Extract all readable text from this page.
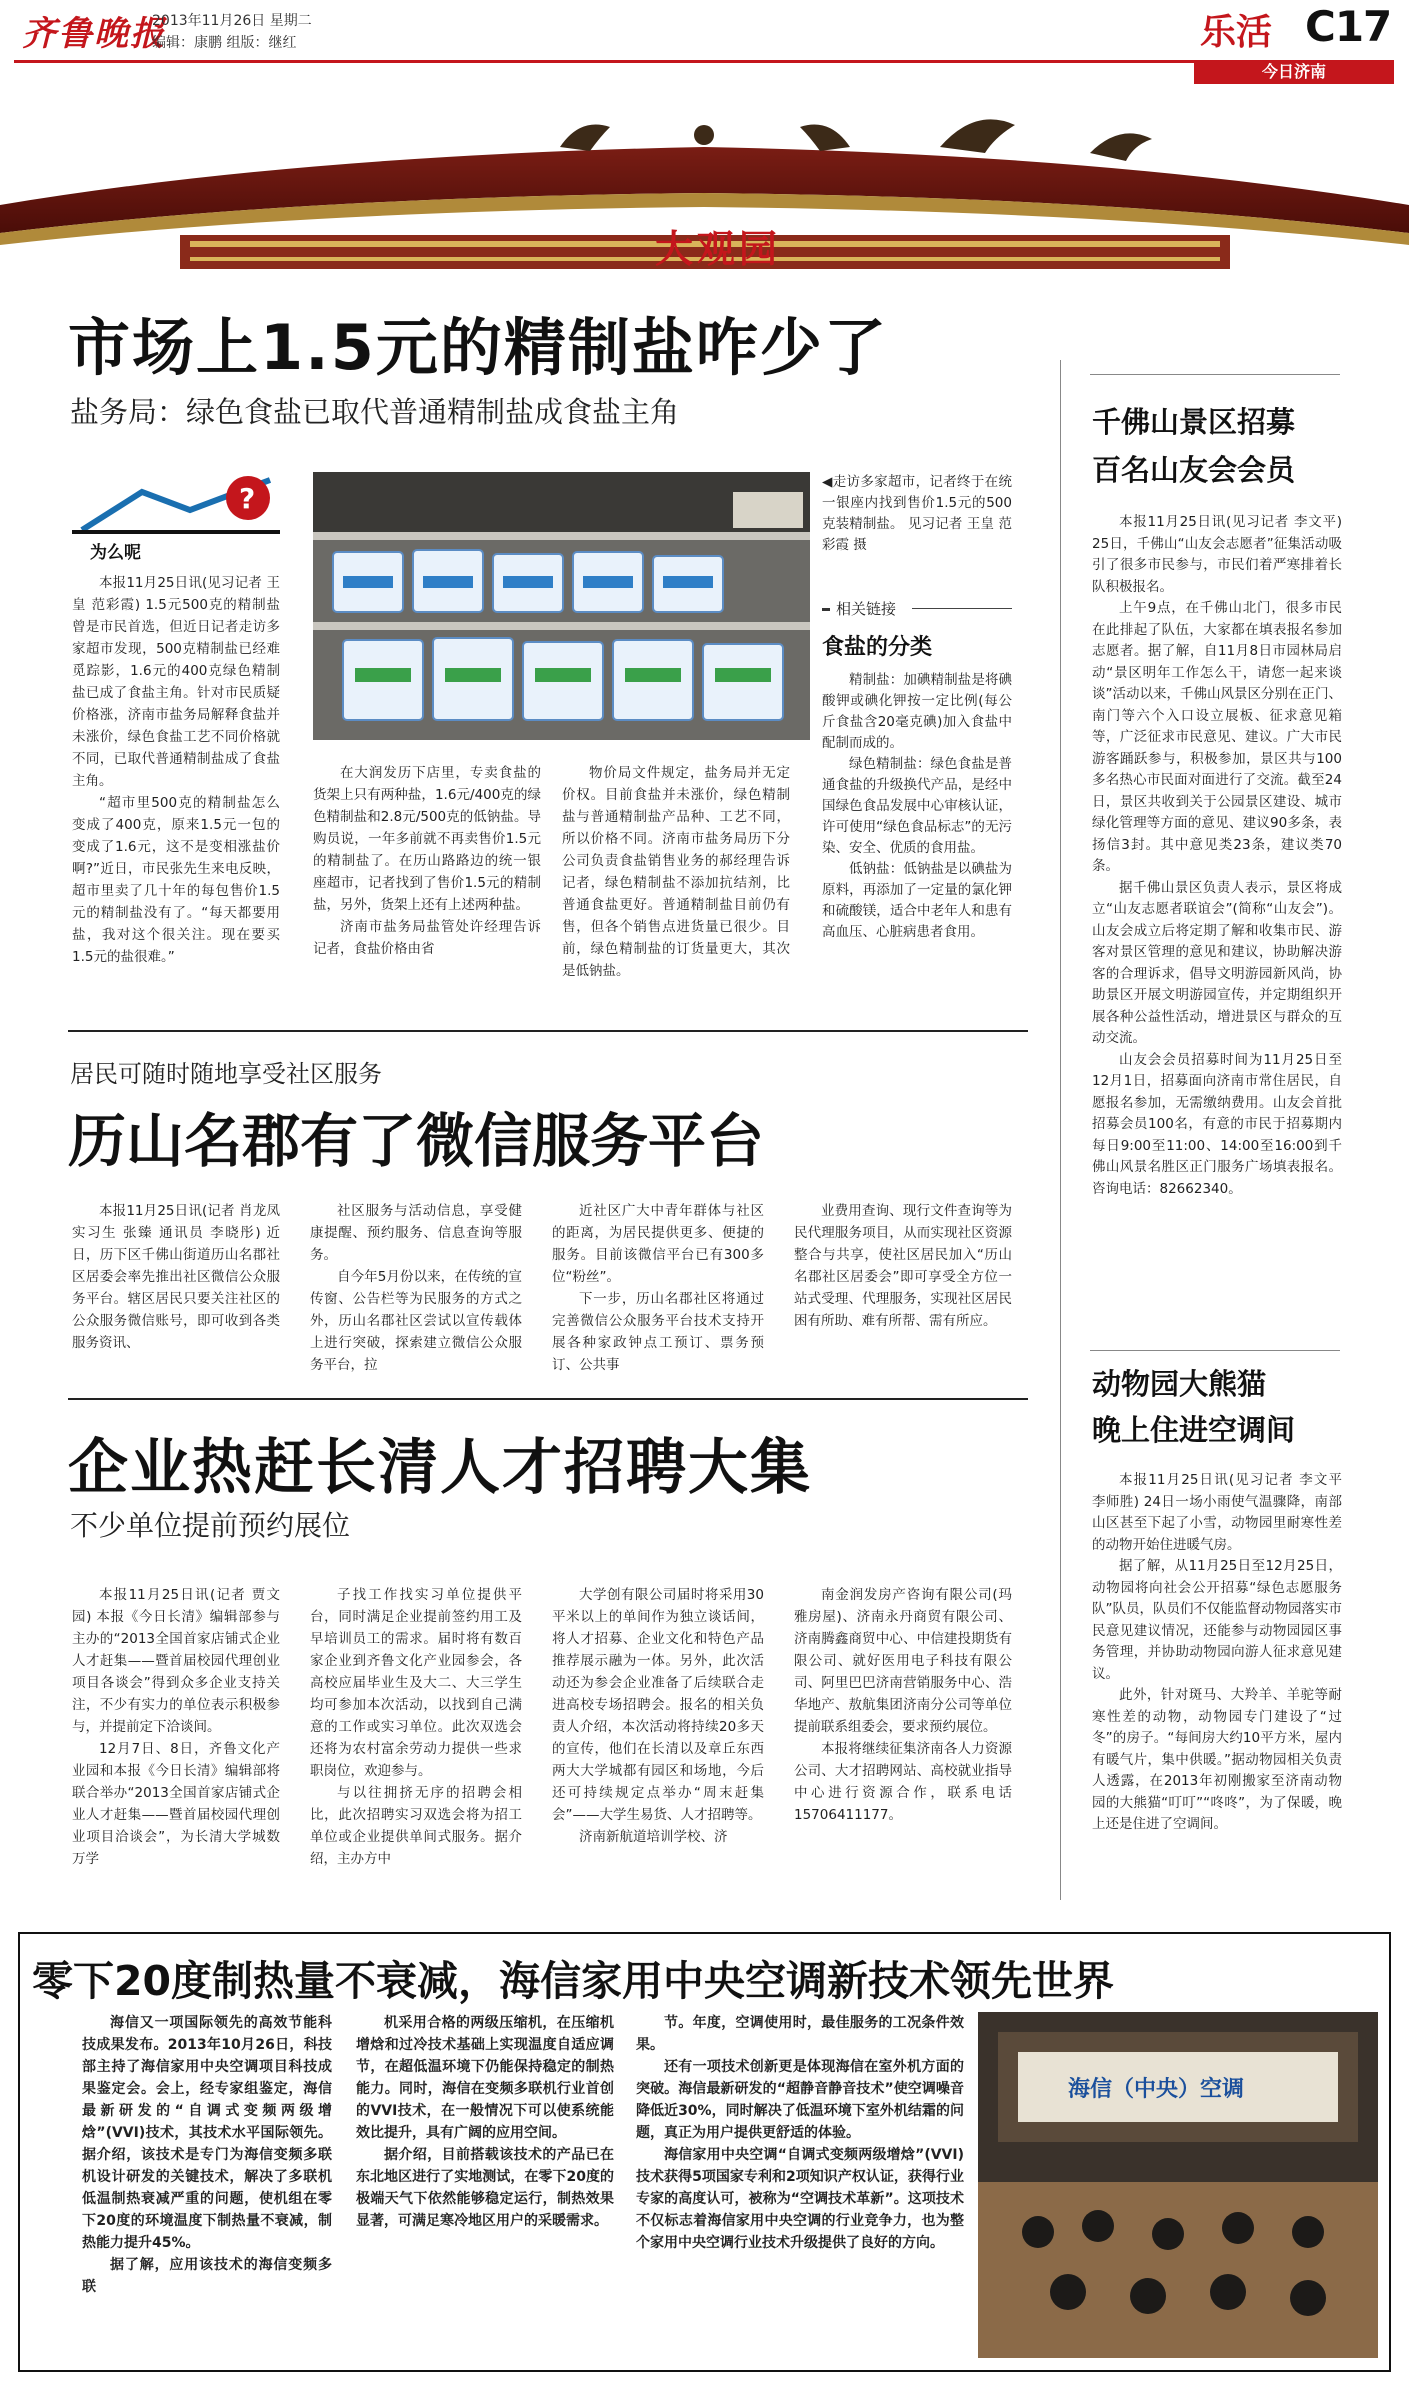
齐鲁晚报
2013年11月26日 星期二
编辑：康鹏 组版：继红	乐活 C17
今日济南
大观园
市场上1.5元的精制盐咋少了
盐务局：绿色食盐已取代普通精制盐成食盐主角
?
为么呢

本报11月25日讯(见习记者 王皇 范彩霞) 1.5元500克的精制盐曾是市民首选，但近日记者走访多家超市发现，500克精制盐已经难觅踪影，1.6元的400克绿色精制盐已成了食盐主角。针对市民质疑价格涨，济南市盐务局解释食盐并未涨价，绿色食盐工艺不同价格就不同，已取代普通精制盐成了食盐主角。

“超市里500克的精制盐怎么变成了400克，原来1.5元一包的变成了1.6元，这不是变相涨盐价啊?”近日，市民张先生来电反映，超市里卖了几十年的每包售价1.5元的精制盐没有了。“每天都要用盐，我对这个很关注。现在要买1.5元的盐很难。”

◀走访多家超市，记者终于在统一银座内找到售价1.5元的500克装精制盐。 见习记者 王皇 范彩霞 摄

在大润发历下店里，专卖食盐的货架上只有两种盐，1.6元/400克的绿色精制盐和2.8元/500克的低钠盐。导购员说，一年多前就不再卖售价1.5元的精制盐了。在历山路路边的统一银座超市，记者找到了售价1.5元的精制盐，另外，货架上还有上述两种盐。

济南市盐务局盐管处许经理告诉记者，食盐价格由省

物价局文件规定，盐务局并无定价权。目前食盐并未涨价，绿色精制盐与普通精制盐产品种、工艺不同，所以价格不同。济南市盐务局历下分公司负责食盐销售业务的郝经理告诉记者，绿色精制盐不添加抗结剂，比普通食盐更好。普通精制盐目前仍有售，但各个销售点进货量已很少。目前，绿色精制盐的订货量更大，其次是低钠盐。

相关链接
食盐的分类

精制盐：加碘精制盐是将碘酸钾或碘化钾按一定比例(每公斤食盐含20毫克碘)加入食盐中配制而成的。

绿色精制盐：绿色食盐是普通食盐的升级换代产品，是经中国绿色食品发展中心审核认证，许可使用“绿色食品标志”的无污染、安全、优质的食用盐。

低钠盐：低钠盐是以碘盐为原料，再添加了一定量的氯化钾和硫酸镁，适合中老年人和患有高血压、心脏病患者食用。

居民可随时随地享受社区服务
历山名郡有了微信服务平台

本报11月25日讯(记者 肖龙凤 实习生 张臻 通讯员 李晓彤) 近日，历下区千佛山街道历山名郡社区居委会率先推出社区微信公众服务平台。辖区居民只要关注社区的公众服务微信账号，即可收到各类服务资讯、

社区服务与活动信息，享受健康提醒、预约服务、信息查询等服务。

自今年5月份以来，在传统的宣传窗、公告栏等为民服务的方式之外，历山名郡社区尝试以宣传载体上进行突破，探索建立微信公众服务平台，拉

近社区广大中青年群体与社区的距离，为居民提供更多、便捷的服务。目前该微信平台已有300多位“粉丝”。

下一步，历山名郡社区将通过完善微信公众服务平台技术支持开展各种家政钟点工预订、票务预订、公共事

业费用查询、现行文件查询等为民代理服务项目，从而实现社区资源整合与共享，使社区居民加入“历山名郡社区居委会”即可享受全方位一站式受理、代理服务，实现社区居民困有所助、难有所帮、需有所应。

企业热赶长清人才招聘大集
不少单位提前预约展位

本报11月25日讯(记者 贾文园) 本报《今日长清》编辑部参与主办的“2013全国首家店铺式企业人才赶集——暨首届校园代理创业项目各谈会”得到众多企业支持关注，不少有实力的单位表示积极参与，并提前定下洽谈间。

12月7日、8日，齐鲁文化产业园和本报《今日长清》编辑部将联合举办“2013全国首家店铺式企业人才赶集——暨首届校园代理创业项目洽谈会”，为长清大学城数万学

子找工作找实习单位提供平台，同时满足企业提前签约用工及早培训员工的需求。届时将有数百家企业到齐鲁文化产业园参会，各高校应届毕业生及大二、大三学生均可参加本次活动，以找到自己满意的工作或实习单位。此次双选会还将为农村富余劳动力提供一些求职岗位，欢迎参与。

与以往拥挤无序的招聘会相比，此次招聘实习双选会将为招工单位或企业提供单间式服务。据介绍，主办方中

大学创有限公司届时将采用30平米以上的单间作为独立谈话间，将人才招募、企业文化和特色产品推荐展示融为一体。另外，此次活动还为参会企业准备了后续联合走进高校专场招聘会。报名的相关负责人介绍，本次活动将持续20多天的宣传，他们在长清以及章丘东西两大大学城都有园区和场地，今后还可持续规定点举办“周末赶集会”——大学生易货、人才招聘等。

济南新航道培训学校、济

南金润发房产咨询有限公司(玛雅房屋)、济南永丹商贸有限公司、济南腾鑫商贸中心、中信建投期货有限公司、就好医用电子科技有限公司、阿里巴巴济南营销服务中心、浩华地产、敖航集团济南分公司等单位提前联系组委会，要求预约展位。

本报将继续征集济南各人力资源公司、大才招聘网站、高校就业指导中心进行资源合作，联系电话15706411177。

千佛山景区招募
百名山友会会员

本报11月25日讯(见习记者 李文平) 25日，千佛山“山友会志愿者”征集活动吸引了很多市民参与，市民们着严寒排着长队积极报名。

上午9点，在千佛山北门，很多市民在此排起了队伍，大家都在填表报名参加志愿者。据了解，自11月8日市园林局启动“景区明年工作怎么干，请您一起来谈谈”活动以来，千佛山风景区分别在正门、南门等六个入口设立展板、征求意见箱等，广泛征求市民意见、建议。广大市民游客踊跃参与，积极参加，景区共与100多名热心市民面对面进行了交流。截至24日，景区共收到关于公园景区建设、城市绿化管理等方面的意见、建议90多条，表扬信3封。其中意见类23条，建议类70条。

据千佛山景区负责人表示，景区将成立“山友志愿者联谊会”(简称“山友会”)。山友会成立后将定期了解和收集市民、游客对景区管理的意见和建议，协助解决游客的合理诉求，倡导文明游园新风尚，协助景区开展文明游园宣传，并定期组织开展各种公益性活动，增进景区与群众的互动交流。

山友会会员招募时间为11月25日至12月1日，招募面向济南市常住居民，自愿报名参加，无需缴纳费用。山友会首批招募会员100名，有意的市民于招募期内每日9:00至11:00、14:00至16:00到千佛山风景名胜区正门服务广场填表报名。咨询电话：82662340。

动物园大熊猫
晚上住进空调间

本报11月25日讯(见习记者 李文平 李师胜) 24日一场小雨使气温骤降，南部山区甚至下起了小雪，动物园里耐寒性差的动物开始住进暖气房。

据了解，从11月25日至12月25日，动物园将向社会公开招募“绿色志愿服务队”队员，队员们不仅能监督动物园落实市民意见建议情况，还能参与动物园园区事务管理，并协助动物园向游人征求意见建议。

此外，针对斑马、大羚羊、羊驼等耐寒性差的动物，动物园专门建设了“过冬”的房子。“每间房大约10平方米，屋内有暖气片，集中供暖。”据动物园相关负责人透露，在2013年初刚搬家至济南动物园的大熊猫“叮叮”“咚咚”，为了保暖，晚上还是住进了空调间。

零下20度制热量不衰减，海信家用中央空调新技术领先世界

海信又一项国际领先的高效节能科技成果发布。2013年10月26日，科技部主持了海信家用中央空调项目科技成果鉴定会。会上，经专家组鉴定，海信最新研发的“自调式变频两级增焓”(VVI)技术，其技术水平国际领先。据介绍，该技术是专门为海信变频多联机设计研发的关键技术，解决了多联机低温制热衰减严重的问题，使机组在零下20度的环境温度下制热量不衰减，制热能力提升45%。

据了解，应用该技术的海信变频多联

机采用合格的两级压缩机，在压缩机增焓和过冷技术基础上实现温度自适应调节，在超低温环境下仍能保持稳定的制热能力。同时，海信在变频多联机行业首创的VVI技术，在一般情况下可以使系统能效比提升，具有广阔的应用空间。

据介绍，目前搭载该技术的产品已在东北地区进行了实地测试，在零下20度的极端天气下依然能够稳定运行，制热效果显著，可满足寒冷地区用户的采暖需求。

节。年度，空调使用时，最佳服务的工况条件效果。

还有一项技术创新更是体现海信在室外机方面的突破。海信最新研发的“超静音静音技术”使空调噪音降低近30%，同时解决了低温环境下室外机结霜的问题，真正为用户提供更舒适的体验。

海信家用中央空调“自调式变频两级增焓”(VVI)技术获得5项国家专利和2项知识产权认证，获得行业专家的高度认可，被称为“空调技术革新”。这项技术不仅标志着海信家用中央空调的行业竞争力，也为整个家用中央空调行业技术升级提供了良好的方向。

海信（中央）空调
